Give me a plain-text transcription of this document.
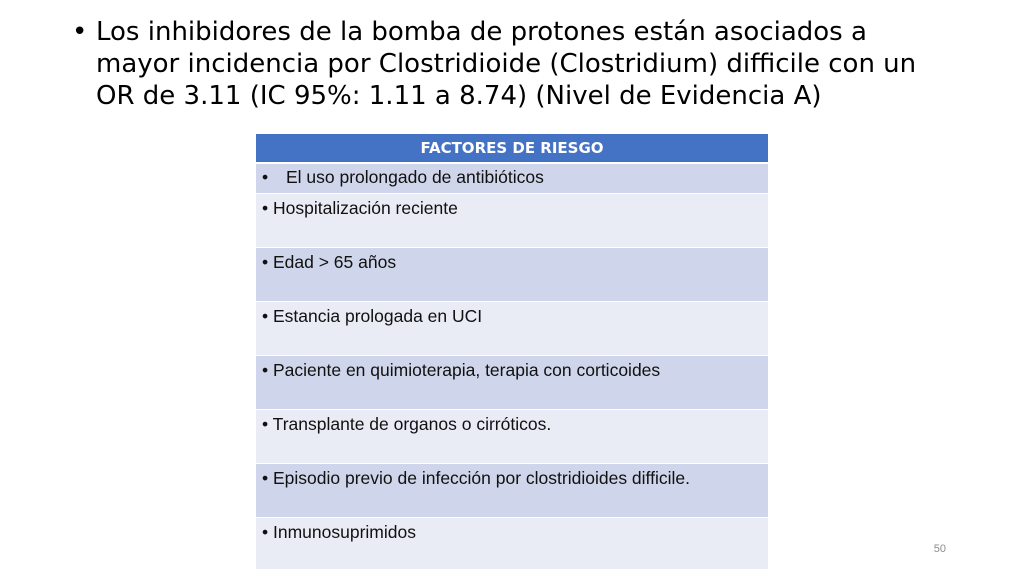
• Los inhibidores de la bomba de protones están asociados a mayor incidencia por Clostridioide (Clostridium) difficile con un OR de 3.11 (IC 95%: 1.11 a 8.74) (Nivel de Evidencia A)
FACTORES DE RIESGO
• El uso prolongado de antibióticos
• Hospitalización reciente
• Edad > 65 años
• Estancia prologada en UCI
• Paciente en quimioterapia, terapia con corticoides
• Transplante de organos o cirróticos.
• Episodio previo de infección por clostridioides difficile.
• Inmunosuprimidos
50
